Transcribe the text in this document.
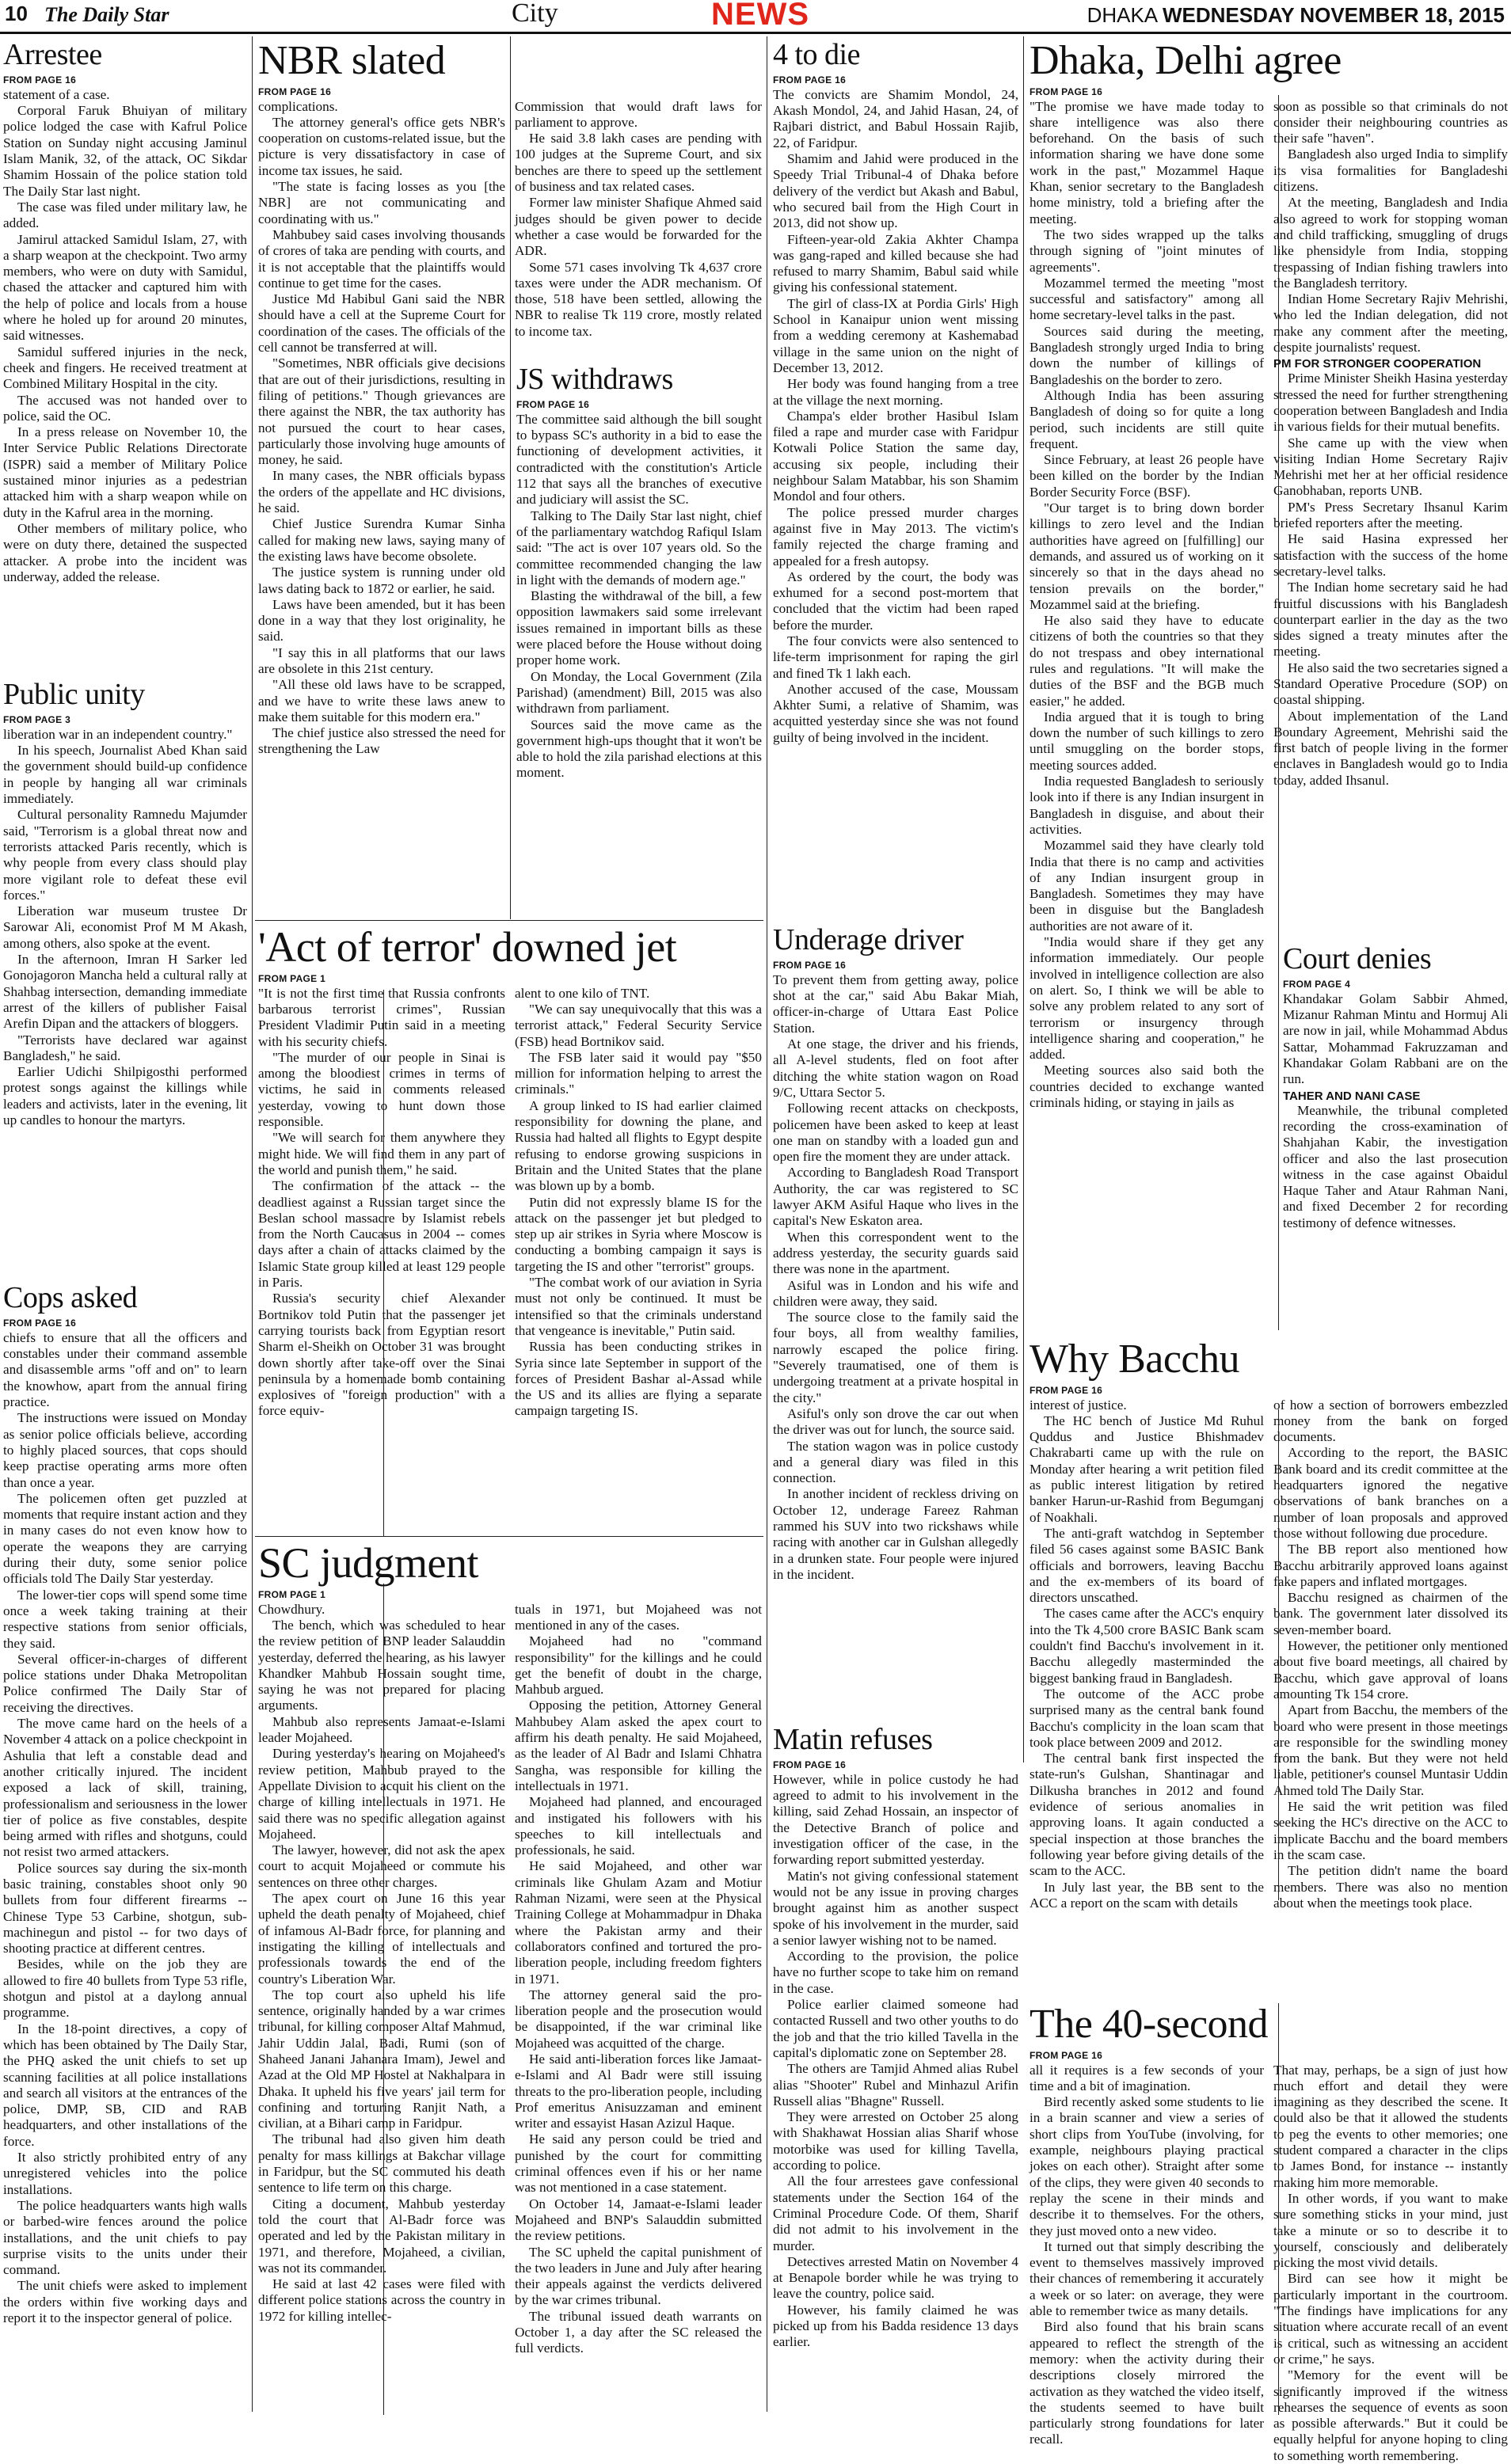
10 The Daily Star	City	NEWS	DHAKA WEDNESDAY NOVEMBER 18, 2015
Arrestee
FROM PAGE 16

statement of a case.

Corporal Faruk Bhuiyan of military police lodged the case with Kafrul Police Station on Sunday night accusing Jaminul Islam Manik, 32, of the attack, OC Sikdar Shamim Hossain of the police station told The Daily Star last night.

The case was filed under military law, he added.

Jamirul attacked Samidul Islam, 27, with a sharp weapon at the checkpoint. Two army members, who were on duty with Samidul, chased the attacker and captured him with the help of police and locals from a house where he holed up for around 20 minutes, said witnesses.

Samidul suffered injuries in the neck, cheek and fingers. He received treatment at Combined Military Hospital in the city.

The accused was not handed over to police, said the OC.

In a press release on November 10, the Inter Service Public Relations Directorate (ISPR) said a member of Military Police sustained minor injuries as a pedestrian attacked him with a sharp weapon while on duty in the Kafrul area in the morning.

Other members of military police, who were on duty there, detained the suspected attacker. A probe into the incident was underway, added the release.

Public unity
FROM PAGE 3

liberation war in an independent country."

In his speech, Journalist Abed Khan said the government should build-up confidence in people by hanging all war criminals immediately.

Cultural personality Ramnedu Majumder said, "Terrorism is a global threat now and terrorists attacked Paris recently, which is why people from every class should play more vigilant role to defeat these evil forces."

Liberation war museum trustee Dr Sarowar Ali, economist Prof M M Akash, among others, also spoke at the event.

In the afternoon, Imran H Sarker led Gonojagoron Mancha held a cultural rally at Shahbag intersection, demanding immediate arrest of the killers of publisher Faisal Arefin Dipan and the attackers of bloggers.

"Terrorists have declared war against Bangladesh," he said.

Earlier Udichi Shilpigosthi performed protest songs against the killings while leaders and activists, later in the evening, lit up candles to honour the martyrs.

Cops asked
FROM PAGE 16

chiefs to ensure that all the officers and constables under their command assemble and disassemble arms "off and on" to learn the knowhow, apart from the annual firing practice.

The instructions were issued on Monday as senior police officials believe, according to highly placed sources, that cops should keep practise operating arms more often than once a year.

The policemen often get puzzled at moments that require instant action and they in many cases do not even know how to operate the weapons they are carrying during their duty, some senior police officials told The Daily Star yesterday.

The lower-tier cops will spend some time once a week taking training at their respective stations from senior officials, they said.

Several officer-in-charges of different police stations under Dhaka Metropolitan Police confirmed The Daily Star of receiving the directives.

The move came hard on the heels of a November 4 attack on a police checkpoint in Ashulia that left a constable dead and another critically injured. The incident exposed a lack of skill, training, professionalism and seriousness in the lower tier of police as five constables, despite being armed with rifles and shotguns, could not resist two armed attackers.

Police sources say during the six-month basic training, constables shoot only 90 bullets from four different firearms -- Chinese Type 53 Carbine, shotgun, sub-machinegun and pistol -- for two days of shooting practice at different centres.

Besides, while on the job they are allowed to fire 40 bullets from Type 53 rifle, shotgun and pistol at a daylong annual programme.

In the 18-point directives, a copy of which has been obtained by The Daily Star, the PHQ asked the unit chiefs to set up scanning facilities at all police installations and search all visitors at the entrances of the police, DMP, SB, CID and RAB headquarters, and other installations of the force.

It also strictly prohibited entry of any unregistered vehicles into the police installations.

The police headquarters wants high walls or barbed-wire fences around the police installations, and the unit chiefs to pay surprise visits to the units under their command.

The unit chiefs were asked to implement the orders within five working days and report it to the inspector general of police.

NBR slated
FROM PAGE 16

complications.

The attorney general's office gets NBR's cooperation on customs-related issue, but the picture is very dissatisfactory in case of income tax issues, he said.

"The state is facing losses as you [the NBR] are not communicating and coordinating with us."

Mahbubey said cases involving thousands of crores of taka are pending with courts, and it is not acceptable that the plaintiffs would continue to get time for the cases.

Justice Md Habibul Gani said the NBR should have a cell at the Supreme Court for coordination of the cases. The officials of the cell cannot be transferred at will.

"Sometimes, NBR officials give decisions that are out of their jurisdictions, resulting in filing of petitions." Though grievances are there against the NBR, the tax authority has not pursued the court to hear cases, particularly those involving huge amounts of money, he said.

In many cases, the NBR officials bypass the orders of the appellate and HC divisions, he said.

Chief Justice Surendra Kumar Sinha called for making new laws, saying many of the existing laws have become obsolete.

The justice system is running under old laws dating back to 1872 or earlier, he said.

Laws have been amended, but it has been done in a way that they lost originality, he said.

"I say this in all platforms that our laws are obsolete in this 21st century.

"All these old laws have to be scrapped, and we have to write these laws anew to make them suitable for this modern era."

The chief justice also stressed the need for strengthening the Law

Commission that would draft laws for parliament to approve.

He said 3.8 lakh cases are pending with 100 judges at the Supreme Court, and six benches are there to speed up the settlement of business and tax related cases.

Former law minister Shafique Ahmed said judges should be given power to decide whether a case would be forwarded for the ADR.

Some 571 cases involving Tk 4,637 crore taxes were under the ADR mechanism. Of those, 518 have been settled, allowing the NBR to realise Tk 119 crore, mostly related to income tax.

JS withdraws
FROM PAGE 16

The committee said although the bill sought to bypass SC's authority in a bid to ease the functioning of development activities, it contradicted with the constitution's Article 112 that says all the branches of executive and judiciary will assist the SC.

Talking to The Daily Star last night, chief of the parliamentary watchdog Rafiqul Islam said: "The act is over 107 years old. So the committee recommended changing the law in light with the demands of modern age."

Blasting the withdrawal of the bill, a few opposition lawmakers said some irrelevant issues remained in important bills as these were placed before the House without doing proper home work.

On Monday, the Local Government (Zila Parishad) (amendment) Bill, 2015 was also withdrawn from parliament.

Sources said the move came as the government high-ups thought that it won't be able to hold the zila parishad elections at this moment.

'Act of terror' downed jet
FROM PAGE 1

"It is not the first time that Russia confronts barbarous terrorist crimes", Russian President Vladimir Putin said in a meeting with his security chiefs.

"The murder of our people in Sinai is among the bloodiest crimes in terms of victims, he said in comments released yesterday, vowing to hunt down those responsible.

"We will search for them anywhere they might hide. We will find them in any part of the world and punish them," he said.

The confirmation of the attack -- the deadliest against a Russian target since the Beslan school massacre by Islamist rebels from the North Caucasus in 2004 -- comes days after a chain of attacks claimed by the Islamic State group killed at least 129 people in Paris.

Russia's security chief Alexander Bortnikov told Putin that the passenger jet carrying tourists back from Egyptian resort Sharm el-Sheikh on October 31 was brought down shortly after take-off over the Sinai peninsula by a homemade bomb containing explosives of "foreign production" with a force equiv-

alent to one kilo of TNT.

"We can say unequivocally that this was a terrorist attack," Federal Security Service (FSB) head Bortnikov said.

The FSB later said it would pay "$50 million for information helping to arrest the criminals."

A group linked to IS had earlier claimed responsibility for downing the plane, and Russia had halted all flights to Egypt despite refusing to endorse growing suspicions in Britain and the United States that the plane was blown up by a bomb.

Putin did not expressly blame IS for the attack on the passenger jet but pledged to step up air strikes in Syria where Moscow is conducting a bombing campaign it says is targeting the IS and other "terrorist" groups.

"The combat work of our aviation in Syria must not only be continued. It must be intensified so that the criminals understand that vengeance is inevitable," Putin said.

Russia has been conducting strikes in Syria since late September in support of the forces of President Bashar al-Assad while the US and its allies are flying a separate campaign targeting IS.

SC judgment
FROM PAGE 1

Chowdhury.

The bench, which was scheduled to hear the review petition of BNP leader Salauddin yesterday, deferred the hearing, as his lawyer Khandker Mahbub Hossain sought time, saying he was not prepared for placing arguments.

Mahbub also represents Jamaat-e-Islami leader Mojaheed.

During yesterday's hearing on Mojaheed's review petition, Mahbub prayed to the Appellate Division to acquit his client on the charge of killing intellectuals in 1971. He said there was no specific allegation against Mojaheed.

The lawyer, however, did not ask the apex court to acquit Mojaheed or commute his sentences on three other charges.

The apex court on June 16 this year upheld the death penalty of Mojaheed, chief of infamous Al-Badr force, for planning and instigating the killing of intellectuals and professionals towards the end of the country's Liberation War.

The top court also upheld his life sentence, originally handed by a war crimes tribunal, for killing composer Altaf Mahmud, Jahir Uddin Jalal, Badi, Rumi (son of Shaheed Janani Jahanara Imam), Jewel and Azad at the Old MP Hostel at Nakhalpara in Dhaka. It upheld his five years' jail term for confining and torturing Ranjit Nath, a civilian, at a Bihari camp in Faridpur.

The tribunal had also given him death penalty for mass killings at Bakchar village in Faridpur, but the SC commuted his death sentence to life term on this charge.

Citing a document, Mahbub yesterday told the court that Al-Badr force was operated and led by the Pakistan military in 1971, and therefore, Mojaheed, a civilian, was not its commander.

He said at last 42 cases were filed with different police stations across the country in 1972 for killing intellec-

tuals in 1971, but Mojaheed was not mentioned in any of the cases.

Mojaheed had no "command responsibility" for the killings and he could get the benefit of doubt in the charge, Mahbub argued.

Opposing the petition, Attorney General Mahbubey Alam asked the apex court to affirm his death penalty. He said Mojaheed, as the leader of Al Badr and Islami Chhatra Sangha, was responsible for killing the intellectuals in 1971.

Mojaheed had planned, and encouraged and instigated his followers with his speeches to kill intellectuals and professionals, he said.

He said Mojaheed, and other war criminals like Ghulam Azam and Motiur Rahman Nizami, were seen at the Physical Training College at Mohammadpur in Dhaka where the Pakistan army and their collaborators confined and tortured the pro-liberation people, including freedom fighters in 1971.

The attorney general said the pro-liberation people and the prosecution would be disappointed, if the war criminal like Mojaheed was acquitted of the charge.

He said anti-liberation forces like Jamaat-e-Islami and Al Badr were still issuing threats to the pro-liberation people, including Prof emeritus Anisuzzaman and eminent writer and essayist Hasan Azizul Haque.

He said any person could be tried and punished by the court for committing criminal offences even if his or her name was not mentioned in a case statement.

On October 14, Jamaat-e-Islami leader Mojaheed and BNP's Salauddin submitted the review petitions.

The SC upheld the capital punishment of the two leaders in June and July after hearing their appeals against the verdicts delivered by the war crimes tribunal.

The tribunal issued death warrants on October 1, a day after the SC released the full verdicts.

4 to die
FROM PAGE 16

The convicts are Shamim Mondol, 24, Akash Mondol, 24, and Jahid Hasan, 24, of Rajbari district, and Babul Hossain Rajib, 22, of Faridpur.

Shamim and Jahid were produced in the Speedy Trial Tribunal-4 of Dhaka before delivery of the verdict but Akash and Babul, who secured bail from the High Court in 2013, did not show up.

Fifteen-year-old Zakia Akhter Champa was gang-raped and killed because she had refused to marry Shamim, Babul said while giving his confessional statement.

The girl of class-IX at Pordia Girls' High School in Kanaipur union went missing from a wedding ceremony at Kashemabad village in the same union on the night of December 13, 2012.

Her body was found hanging from a tree at the village the next morning.

Champa's elder brother Hasibul Islam filed a rape and murder case with Faridpur Kotwali Police Station the same day, accusing six people, including their neighbour Salam Matabbar, his son Shamim Mondol and four others.

The police pressed murder charges against five in May 2013. The victim's family rejected the charge framing and appealed for a fresh autopsy.

As ordered by the court, the body was exhumed for a second post-mortem that concluded that the victim had been raped before the murder.

The four convicts were also sentenced to life-term imprisonment for raping the girl and fined Tk 1 lakh each.

Another accused of the case, Moussam Akhter Sumi, a relative of Shamim, was acquitted yesterday since she was not found guilty of being involved in the incident.

Underage driver
FROM PAGE 16

To prevent them from getting away, police shot at the car," said Abu Bakar Miah, officer-in-charge of Uttara East Police Station.

At one stage, the driver and his friends, all A-level students, fled on foot after ditching the white station wagon on Road 9/C, Uttara Sector 5.

Following recent attacks on checkposts, policemen have been asked to keep at least one man on standby with a loaded gun and open fire the moment they are under attack.

According to Bangladesh Road Transport Authority, the car was registered to SC lawyer AKM Asiful Haque who lives in the capital's New Eskaton area.

When this correspondent went to the address yesterday, the security guards said there was none in the apartment.

Asiful was in London and his wife and children were away, they said.

The source close to the family said the four boys, all from wealthy families, narrowly escaped the police firing. "Severely traumatised, one of them is undergoing treatment at a private hospital in the city."

Asiful's only son drove the car out when the driver was out for lunch, the source said.

The station wagon was in police custody and a general diary was filed in this connection.

In another incident of reckless driving on October 12, underage Fareez Rahman rammed his SUV into two rickshaws while racing with another car in Gulshan allegedly in a drunken state. Four people were injured in the incident.

Matin refuses
FROM PAGE 16

However, while in police custody he had agreed to admit to his involvement in the killing, said Zehad Hossain, an inspector of the Detective Branch of police and investigation officer of the case, in the forwarding report submitted yesterday.

Matin's not giving confessional statement would not be any issue in proving charges brought against him as another suspect spoke of his involvement in the murder, said a senior lawyer wishing not to be named.

According to the provision, the police have no further scope to take him on remand in the case.

Police earlier claimed someone had contacted Russell and two other youths to do the job and that the trio killed Tavella in the capital's diplomatic zone on September 28.

The others are Tamjid Ahmed alias Rubel alias "Shooter" Rubel and Minhazul Arifin Russell alias "Bhagne" Russell.

They were arrested on October 25 along with Shakhawat Hossian alias Sharif whose motorbike was used for killing Tavella, according to police.

All the four arrestees gave confessional statements under the Section 164 of the Criminal Procedure Code. Of them, Sharif did not admit to his involvement in the murder.

Detectives arrested Matin on November 4 at Benapole border while he was trying to leave the country, police said.

However, his family claimed he was picked up from his Badda residence 13 days earlier.

Dhaka, Delhi agree
FROM PAGE 16

"The promise we have made today to share intelligence was also there beforehand. On the basis of such information sharing we have done some work in the past," Mozammel Haque Khan, senior secretary to the Bangladesh home ministry, told a briefing after the meeting.

The two sides wrapped up the talks through signing of "joint minutes of agreements".

Mozammel termed the meeting "most successful and satisfactory" among all home secretary-level talks in the past.

Sources said during the meeting, Bangladesh strongly urged India to bring down the number of killings of Bangladeshis on the border to zero.

Although India has been assuring Bangladesh of doing so for quite a long period, such incidents are still quite frequent.

Since February, at least 26 people have been killed on the border by the Indian Border Security Force (BSF).

"Our target is to bring down border killings to zero level and the Indian authorities have agreed on [fulfilling] our demands, and assured us of working on it sincerely so that in the days ahead no tension prevails on the border," Mozammel said at the briefing.

He also said they have to educate citizens of both the countries so that they do not trespass and obey international rules and regulations. "It will make the duties of the BSF and the BGB much easier," he added.

India argued that it is tough to bring down the number of such killings to zero until smuggling on the border stops, meeting sources added.

India requested Bangladesh to seriously look into if there is any Indian insurgent in Bangladesh in disguise, and about their activities.

Mozammel said they have clearly told India that there is no camp and activities of any Indian insurgent group in Bangladesh. Sometimes they may have been in disguise but the Bangladesh authorities are not aware of it.

"India would share if they get any information immediately. Our people involved in intelligence collection are also on alert. So, I think we will be able to solve any problem related to any sort of terrorism or insurgency through intelligence sharing and cooperation," he added.

Meeting sources also said both the countries decided to exchange wanted criminals hiding, or staying in jails as

soon as possible so that criminals do not consider their neighbouring countries as their safe "haven".

Bangladesh also urged India to simplify its visa formalities for Bangladeshi citizens.

At the meeting, Bangladesh and India also agreed to work for stopping woman and child trafficking, smuggling of drugs like phensidyle from India, stopping trespassing of Indian fishing trawlers into the Bangladesh territory.

Indian Home Secretary Rajiv Mehrishi, who led the Indian delegation, did not make any comment after the meeting, despite journalists' request.

PM FOR STRONGER COOPERATION

Prime Minister Sheikh Hasina yesterday stressed the need for further strengthening cooperation between Bangladesh and India in various fields for their mutual benefits.

She came up with the view when visiting Indian Home Secretary Rajiv Mehrishi met her at her official residence Ganobhaban, reports UNB.

PM's Press Secretary Ihsanul Karim briefed reporters after the meeting.

He said Hasina expressed her satisfaction with the success of the home secretary-level talks.

The Indian home secretary said he had fruitful discussions with his Bangladesh counterpart earlier in the day as the two sides signed a treaty minutes after the meeting.

He also said the two secretaries signed a Standard Operative Procedure (SOP) on coastal shipping.

About implementation of the Land Boundary Agreement, Mehrishi said the first batch of people living in the former enclaves in Bangladesh would go to India today, added Ihsanul.

Court denies
FROM PAGE 4

Khandakar Golam Sabbir Ahmed, Mizanur Rahman Mintu and Hormuj Ali are now in jail, while Mohammad Abdus Sattar, Mohammad Fakruzzaman and Khandakar Golam Rabbani are on the run.

TAHER AND NANI CASE

Meanwhile, the tribunal completed recording the cross-examination of Shahjahan Kabir, the investigation officer and also the last prosecution witness in the case against Obaidul Haque Taher and Ataur Rahman Nani, and fixed December 2 for recording testimony of defence witnesses.

Why Bacchu
FROM PAGE 16

interest of justice.

The HC bench of Justice Md Ruhul Quddus and Justice Bhishmadev Chakrabarti came up with the rule on Monday after hearing a writ petition filed as public interest litigation by retired banker Harun-ur-Rashid from Begumganj of Noakhali.

The anti-graft watchdog in September filed 56 cases against some BASIC Bank officials and borrowers, leaving Bacchu and the ex-members of its board of directors unscathed.

The cases came after the ACC's enquiry into the Tk 4,500 crore BASIC Bank scam couldn't find Bacchu's involvement in it. Bacchu allegedly masterminded the biggest banking fraud in Bangladesh.

The outcome of the ACC probe surprised many as the central bank found Bacchu's complicity in the loan scam that took place between 2009 and 2012.

The central bank first inspected the state-run's Gulshan, Shantinagar and Dilkusha branches in 2012 and found evidence of serious anomalies in approving loans. It again conducted a special inspection at those branches the following year before giving details of the scam to the ACC.

In July last year, the BB sent to the ACC a report on the scam with details

of how a section of borrowers embezzled money from the bank on forged documents.

According to the report, the BASIC Bank board and its credit committee at the headquarters ignored the negative observations of bank branches on a number of loan proposals and approved those without following due procedure.

The BB report also mentioned how Bacchu arbitrarily approved loans against fake papers and inflated mortgages.

Bacchu resigned as chairmen of the bank. The government later dissolved its seven-member board.

However, the petitioner only mentioned about five board meetings, all chaired by Bacchu, which gave approval of loans amounting Tk 154 crore.

Apart from Bacchu, the members of the board who were present in those meetings are responsible for the swindling money from the bank. But they were not held liable, petitioner's counsel Muntasir Uddin Ahmed told The Daily Star.

He said the writ petition was filed seeking the HC's directive on the ACC to implicate Bacchu and the board members in the scam case.

The petition didn't name the board members. There was also no mention about when the meetings took place.

The 40-second
FROM PAGE 16

all it requires is a few seconds of your time and a bit of imagination.

Bird recently asked some students to lie in a brain scanner and view a series of short clips from YouTube (involving, for example, neighbours playing practical jokes on each other). Straight after some of the clips, they were given 40 seconds to replay the scene in their minds and describe it to themselves. For the others, they just moved onto a new video.

It turned out that simply describing the event to themselves massively improved their chances of remembering it accurately a week or so later: on average, they were able to remember twice as many details.

Bird also found that his brain scans appeared to reflect the strength of the memory: when the activity during their descriptions closely mirrored the activation as they watched the video itself, the students seemed to have built particularly strong foundations for later recall.

That may, perhaps, be a sign of just how much effort and detail they were imagining as they described the scene. It could also be that it allowed the students to peg the events to other memories; one student compared a character in the clips to James Bond, for instance -- instantly making him more memorable.

In other words, if you want to make sure something sticks in your mind, just take a minute or so to describe it to yourself, consciously and deliberately picking the most vivid details.

Bird can see how it might be particularly important in the courtroom. "The findings have implications for any situation where accurate recall of an event is critical, such as witnessing an accident or crime," he says.

"Memory for the event will be significantly improved if the witness rehearses the sequence of events as soon as possible afterwards." But it could be equally helpful for anyone hoping to cling to something worth remembering.
